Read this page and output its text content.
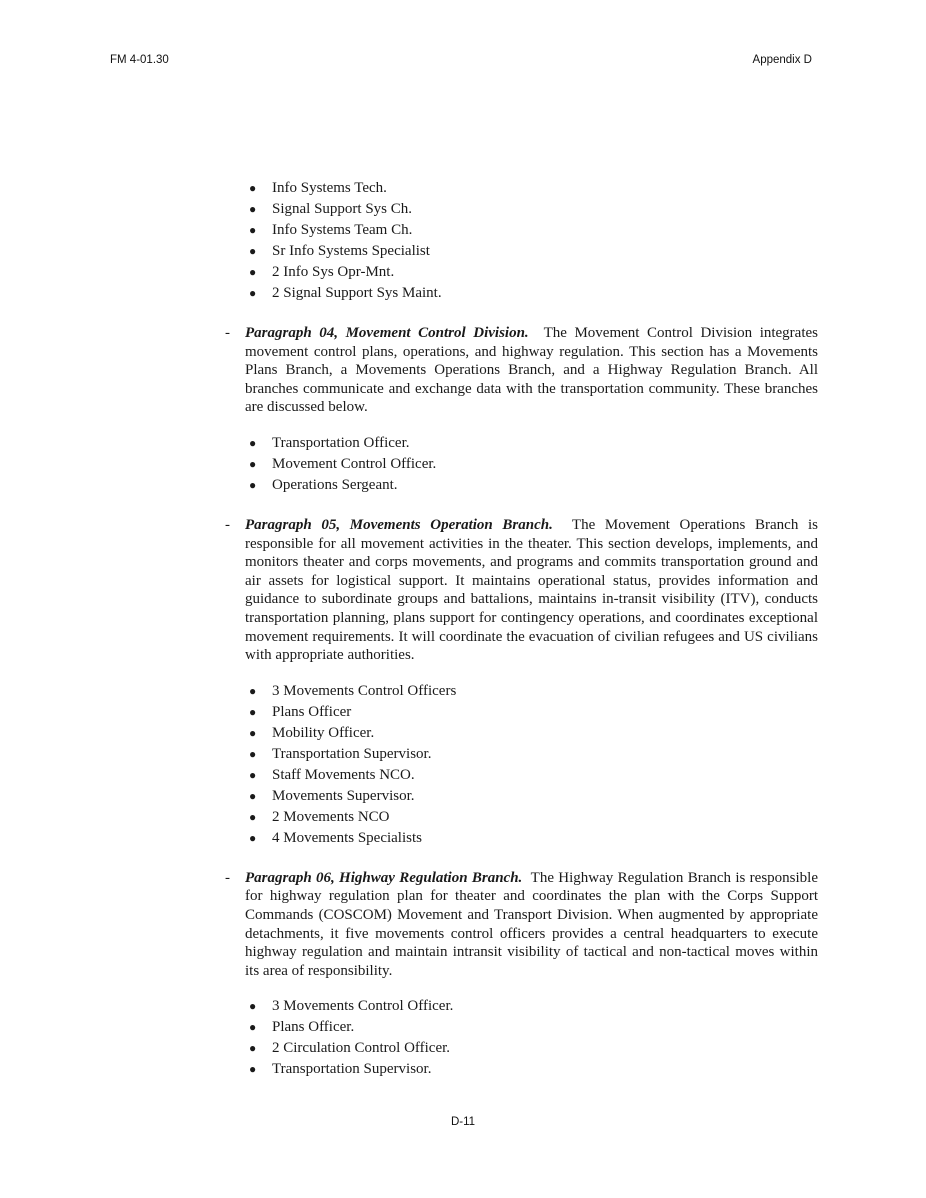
FM 4-01.30	Appendix D
● Info Systems Tech.
● Signal Support Sys Ch.
● Info Systems Team Ch.
● Sr Info Systems Specialist
● 2 Info Sys Opr-Mnt.
● 2 Signal Support Sys Maint.
- Paragraph 04, Movement Control Division. The Movement Control Division integrates movement control plans, operations, and highway regulation. This section has a Movements Plans Branch, a Movements Operations Branch, and a Highway Regulation Branch. All branches communicate and exchange data with the transportation community. These branches are discussed below.
● Transportation Officer.
● Movement Control Officer.
● Operations Sergeant.
- Paragraph 05, Movements Operation Branch. The Movement Operations Branch is responsible for all movement activities in the theater. This section develops, implements, and monitors theater and corps movements, and programs and commits transportation ground and air assets for logistical support. It maintains operational status, provides information and guidance to subordinate groups and battalions, maintains in-transit visibility (ITV), conducts transportation planning, plans support for contingency operations, and coordinates exceptional movement requirements. It will coordinate the evacuation of civilian refugees and US civilians with appropriate authorities.
● 3 Movements Control Officers
● Plans Officer
● Mobility Officer.
● Transportation Supervisor.
● Staff Movements NCO.
● Movements Supervisor.
● 2 Movements NCO
● 4 Movements Specialists
- Paragraph 06, Highway Regulation Branch. The Highway Regulation Branch is responsible for highway regulation plan for theater and coordinates the plan with the Corps Support Commands (COSCOM) Movement and Transport Division. When augmented by appropriate detachments, it five movements control officers provides a central headquarters to execute highway regulation and maintain intransit visibility of tactical and non-tactical moves within its area of responsibility.
● 3 Movements Control Officer.
● Plans Officer.
● 2 Circulation Control Officer.
● Transportation Supervisor.
D-11
